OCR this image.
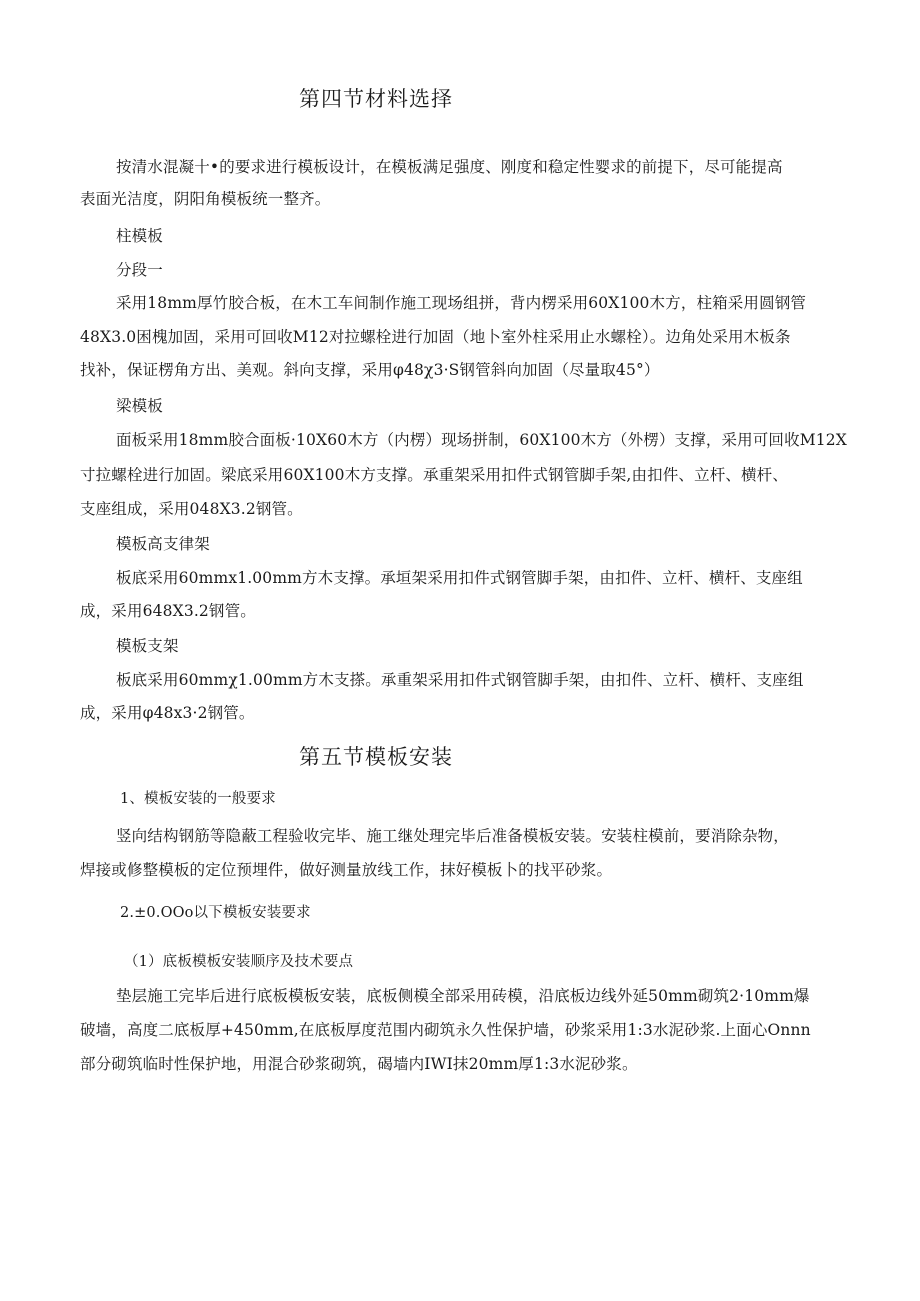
第四节材料选择
按清水混凝十•的要求进行模板设计，在模板满足强度、刚度和稳定性婴求的前提下，尽可能提高
表面光洁度，阴阳角模板统一整齐。
柱模板
分段一
采用18mm厚竹胶合板，在木工车间制作施工现场组拼，背内楞采用60X100木方，柱箱采用圆钢管
48X3.0困槐加固，采用可回收M12对拉螺栓进行加固（地卜室外柱采用止水螺栓）。边角处采用木板条
找补，保证楞角方出、美观。斜向支撑，采用φ48χ3·S钢管斜向加固（尽量取45°）
梁模板
面板采用18mm胶合面板·10X60木方（内楞）现场拼制，60X100木方（外楞）支撑，采用可回收M12X
寸拉螺栓进行加固。梁底采用60X100木方支撑。承重架采用扣件式钢管脚手架,由扣件、立杆、横杆、
支座组成，采用048X3.2钢管。
模板高支律架
板底采用60mmx1.00mm方木支撑。承垣架采用扣件式钢管脚手架，由扣件、立杆、横杆、支座组
成，采用648X3.2钢管。
模板支架
板底采用60mmχ1.00mm方木支搽。承重架采用扣件式钢管脚手架，由扣件、立杆、横杆、支座组
成，采用φ48x3·2钢管。
第五节模板安装
1、模板安装的一般要求
竖向结构钢筋等隐蔽工程验收完毕、施工继处理完毕后准备模板安装。安装柱模前，要消除杂物，
焊接或修整模板的定位预埋件，做好测量放线工作，抹好模板卜的找平砂浆。
2.±0.OOo以下模板安装要求
（1）底板模板安装顺序及技术要点
垫层施工完毕后进行底板模板安装，底板侧模全部采用砖模，沿底板边线外延50mm砌筑2·10mm爆
破墙，高度二底板厚+450mm,在底板厚度范围内砌筑永久性保护墙，砂浆采用1:3水泥砂浆.上面心Onnn
部分砌筑临时性保护地，用混合砂浆砌筑，碣墙内IWI抹20mm厚1:3水泥砂浆。
